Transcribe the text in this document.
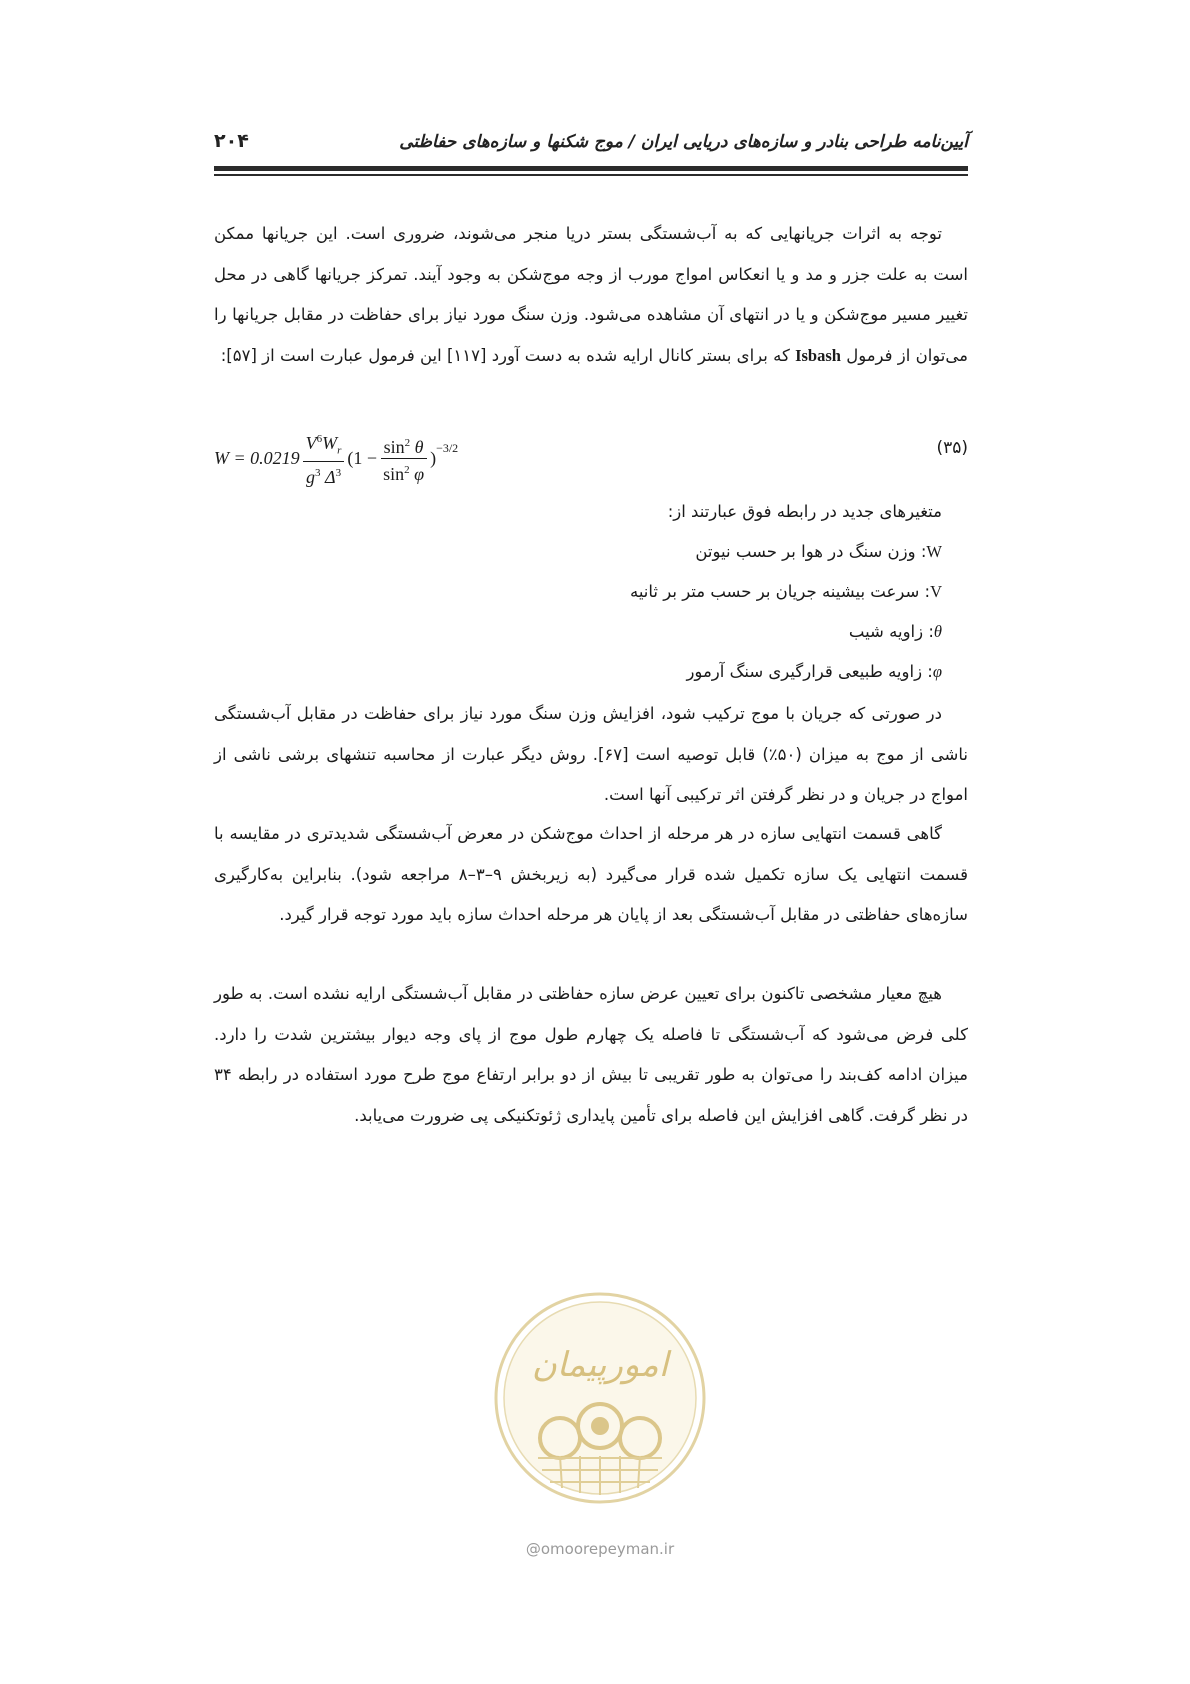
آیین‌نامه طراحی بنادر و سازه‌های دریایی ایران / موج شکنها و سازه‌های حفاظتی
۲۰۴

توجه به اثرات جریانهایی که به آب‌شستگی بستر دریا منجر می‌شوند، ضروری است. این جریانها ممکن است به علت جزر و مد و یا انعکاس امواج مورب از وجه موج‌شکن به وجود آیند. تمرکز جریانها گاهی در محل تغییر مسیر موج‌شکن و یا در انتهای آن مشاهده می‌شود. وزن سنگ مورد نیاز برای حفاظت در مقابل جریانها را می‌توان از فرمول Isbash که برای بستر کانال ارایه شده به دست آورد [۱۱۷] این فرمول عبارت است از [۵۷]:

$W = 0.0219 \frac{V^6W_r}{g^3 \Delta^3} (1 - \frac{\sin^2 \theta}{\sin^2 \varphi} )^{-3/2}$	(۳۵)

متغیرهای جدید در رابطه فوق عبارتند از:

W: وزن سنگ در هوا بر حسب نیوتن

V: سرعت بیشینه جریان بر حسب متر بر ثانیه

θ: زاویه شیب

φ: زاویه طبیعی قرارگیری سنگ آرمور

در صورتی که جریان با موج ترکیب شود، افزایش وزن سنگ مورد نیاز برای حفاظت در مقابل آب‌شستگی ناشی از موج به میزان (۵۰٪) قابل توصیه است [۶۷]. روش دیگر عبارت از محاسبه تنشهای برشی ناشی از امواج در جریان و در نظر گرفتن اثر ترکیبی آنها است.

گاهی قسمت انتهایی سازه در هر مرحله از احداث موج‌شکن در معرض آب‌شستگی شدیدتری در مقایسه با قسمت انتهایی یک سازه تکمیل شده قرار می‌گیرد (به زیربخش ۹–۳–۸ مراجعه شود). بنابراین به‌کارگیری سازه‌های حفاظتی در مقابل آب‌شستگی بعد از پایان هر مرحله احداث سازه باید مورد توجه قرار گیرد.

هیچ معیار مشخصی تاکنون برای تعیین عرض سازه حفاظتی در مقابل آب‌شستگی ارایه نشده است. به طور کلی فرض می‌شود که آب‌شستگی تا فاصله یک چهارم طول موج از پای وجه دیوار بیشترین شدت را دارد. میزان ادامه کف‌بند را می‌توان به طور تقریبی تا بیش از دو برابر ارتفاع موج طرح مورد استفاده در رابطه ۳۴ در نظر گرفت. گاهی افزایش این فاصله برای تأمین پایداری ژئوتکنیکی پی ضرورت می‌یابد.

امورپیمان
@omoorepeyman.ir
